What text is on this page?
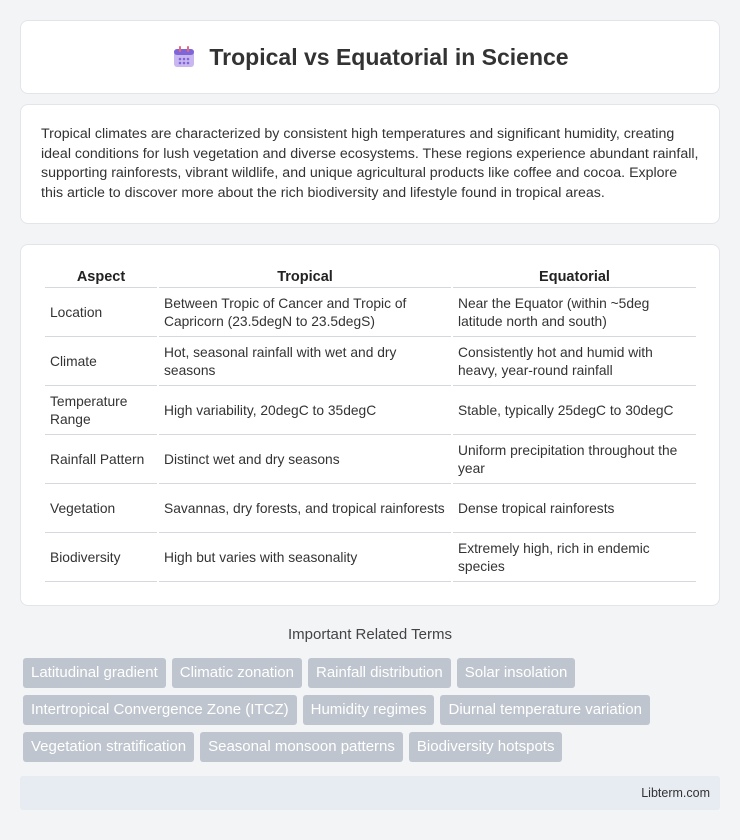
Tropical vs Equatorial in Science

Tropical climates are characterized by consistent high temperatures and significant humidity, creating ideal conditions for lush vegetation and diverse ecosystems. These regions experience abundant rainfall, supporting rainforests, vibrant wildlife, and unique agricultural products like coffee and cocoa. Explore this article to discover more about the rich biodiversity and lifestyle found in tropical areas.

Aspect	Tropical	Equatorial
Location	Between Tropic of Cancer and Tropic of Capricorn (23.5degN to 23.5degS)	Near the Equator (within ~5deg latitude north and south)
Climate	Hot, seasonal rainfall with wet and dry seasons	Consistently hot and humid with heavy, year-round rainfall
Temperature Range	High variability, 20degC to 35degC	Stable, typically 25degC to 30degC
Rainfall Pattern	Distinct wet and dry seasons	Uniform precipitation throughout the year
Vegetation	Savannas, dry forests, and tropical rainforests	Dense tropical rainforests
Biodiversity	High but varies with seasonality	Extremely high, rich in endemic species
Important Related Terms
Latitudinal gradient	Climatic zonation	Rainfall distribution	Solar insolation
Intertropical Convergence Zone (ITCZ)	Humidity regimes	Diurnal temperature variation
Vegetation stratification	Seasonal monsoon patterns	Biodiversity hotspots
Libterm.com
